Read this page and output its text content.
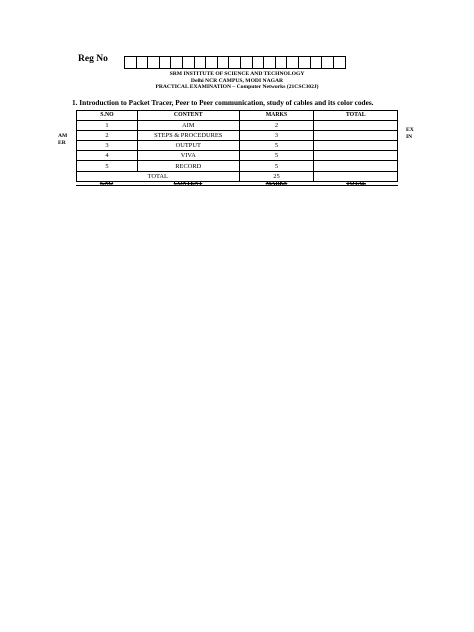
Reg No
SRM INSTITUTE OF SCIENCE AND TECHNOLOGY
Delhi NCR CAMPUS, MODI NAGAR
PRACTICAL EXAMINATION – Computer Networks (21CSC302J)
1. Introduction to Packet Tracer, Peer to Peer communication, study of cables and its color codes.
AM
ER
EX
IN
S.NO	CONTENT	MARKS	TOTAL
1	AIM	2	
2	STEPS & PROCEDURES	3	
3	OUTPUT	5	
4	VIVA	5	
5	RECORD	5	
TOTAL		25	
S.NO	CONTENT	MARKS	TOTAL
